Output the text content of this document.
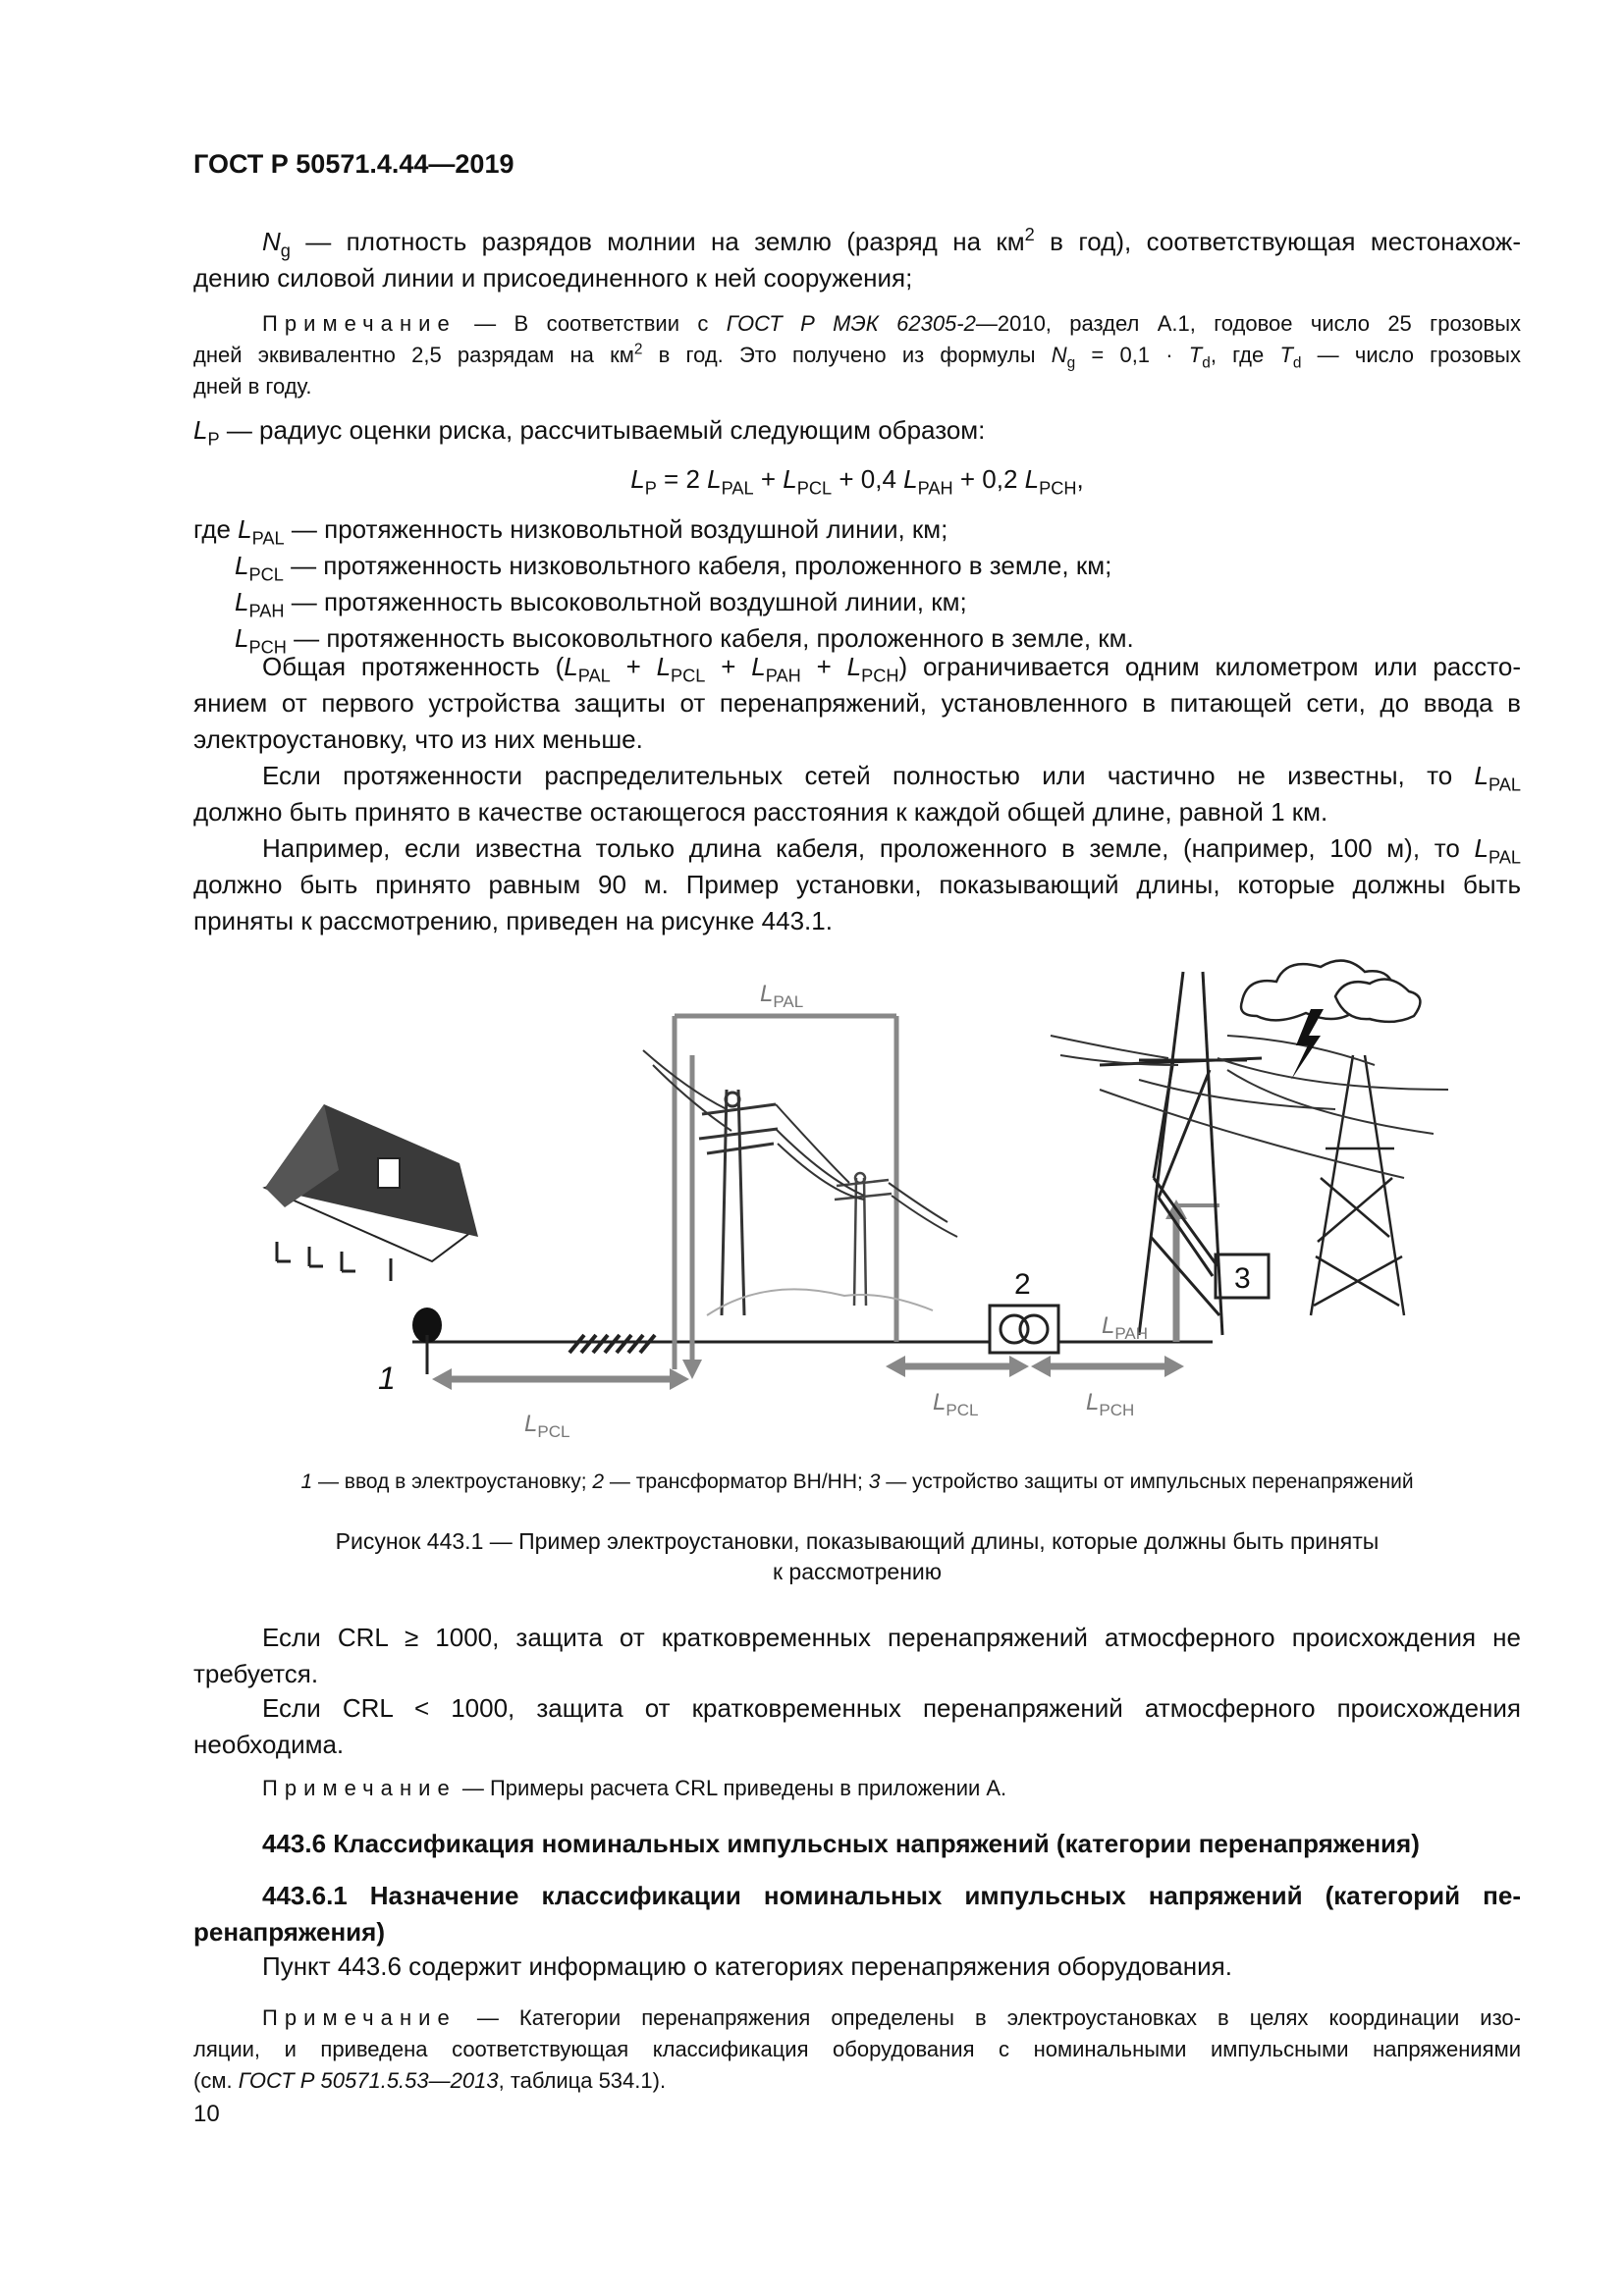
ГОСТ Р 50571.4.44—2019
$N_g$ — плотность разрядов молнии на землю (разряд на $км^2$ в год), соответствующая местонахож-
дению силовой линии и присоединенного к ней сооружения;
Примечание — В соответствии с ГОСТ Р МЭК 62305-2—2010, раздел А.1, годовое число 25 грозовых
дней эквивалентно 2,5 разрядам на $км^2$ в год. Это получено из формулы $N_g = 0,1 \cdot T_d$, где $T_d$ — число грозовых
дней в году.
$L_P$ — радиус оценки риска, рассчитываемый следующим образом:
$L_P = 2$ $L_{PAL} + L_{PCL} + 0,4$ $L_{PAH} + 0,2$ $L_{PCH}$,
где $L_{PAL}$ — протяженность низковольтной воздушной линии, км;
$L_{PCL}$ — протяженность низковольтного кабеля, проложенного в земле, км;
$L_{PAH}$ — протяженность высоковольтной воздушной линии, км;
$L_{PCH}$ — протяженность высоковольтного кабеля, проложенного в земле, км.
Общая протяженность $(L_{PAL} + L_{PCL} + L_{PAH} + L_{PCH})$ ограничивается одним километром или рассто-
янием от первого устройства защиты от перенапряжений, установленного в питающей сети, до ввода в
электроустановку, что из них меньше.
Если протяженности распределительных сетей полностью или частично не известны, то $L_{PAL}$
должно быть принято в качестве остающегося расстояния к каждой общей длине, равной 1 км.
Например, если известна только длина кабеля, проложенного в земле, (например, 100 м), то $L_{PAL}$
должно быть принято равным 90 м. Пример установки, показывающий длины, которые должны быть
приняты к рассмотрению, приведен на рисунке 443.1.
$L_{PAL}$
$L_{PCL}$
$L_{PCL}$	$L_{PCH}$
$L_{PAH}$
1
2	3
1 — ввод в электроустановку; 2 — трансформатор ВН/НН; 3 — устройство защиты от импульсных перенапряжений
Рисунок 443.1 — Пример электроустановки, показывающий длины, которые должны быть приняты
к рассмотрению
Если CRL ≥ 1000, защита от кратковременных перенапряжений атмосферного происхождения не
требуется.
Если CRL < 1000, защита от кратковременных перенапряжений атмосферного происхождения
необходима.
Примечание — Примеры расчета CRL приведены в приложении А.
443.6 Классификация номинальных импульсных напряжений (категории перенапряжения)
443.6.1 Назначение классификации номинальных импульсных напряжений (категорий пе-
ренапряжения)
Пункт 443.6 содержит информацию о категориях перенапряжения оборудования.
Примечание — Категории перенапряжения определены в электроустановках в целях координации изо-
ляции, и приведена соответствующая классификация оборудования с номинальными импульсными напряжениями
(см. ГОСТ Р 50571.5.53—2013, таблица 534.1).
10
